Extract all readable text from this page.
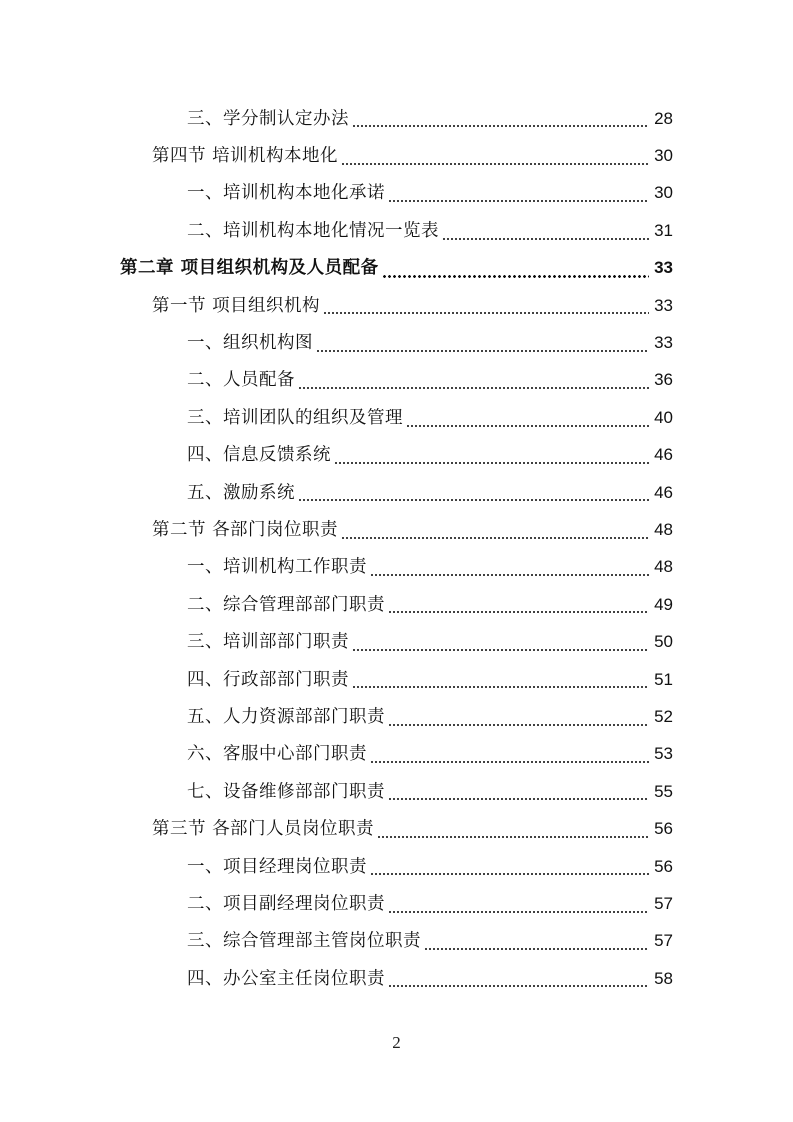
三、学分制认定办法	28
第四节 培训机构本地化	30
一、培训机构本地化承诺	30
二、培训机构本地化情况一览表	31
第二章 项目组织机构及人员配备	33
第一节 项目组织机构	33
一、组织机构图	33
二、人员配备	36
三、培训团队的组织及管理	40
四、信息反馈系统	46
五、激励系统	46
第二节 各部门岗位职责	48
一、培训机构工作职责	48
二、综合管理部部门职责	49
三、培训部部门职责	50
四、行政部部门职责	51
五、人力资源部部门职责	52
六、客服中心部门职责	53
七、设备维修部部门职责	55
第三节 各部门人员岗位职责	56
一、项目经理岗位职责	56
二、项目副经理岗位职责	57
三、综合管理部主管岗位职责	57
四、办公室主任岗位职责	58
2
